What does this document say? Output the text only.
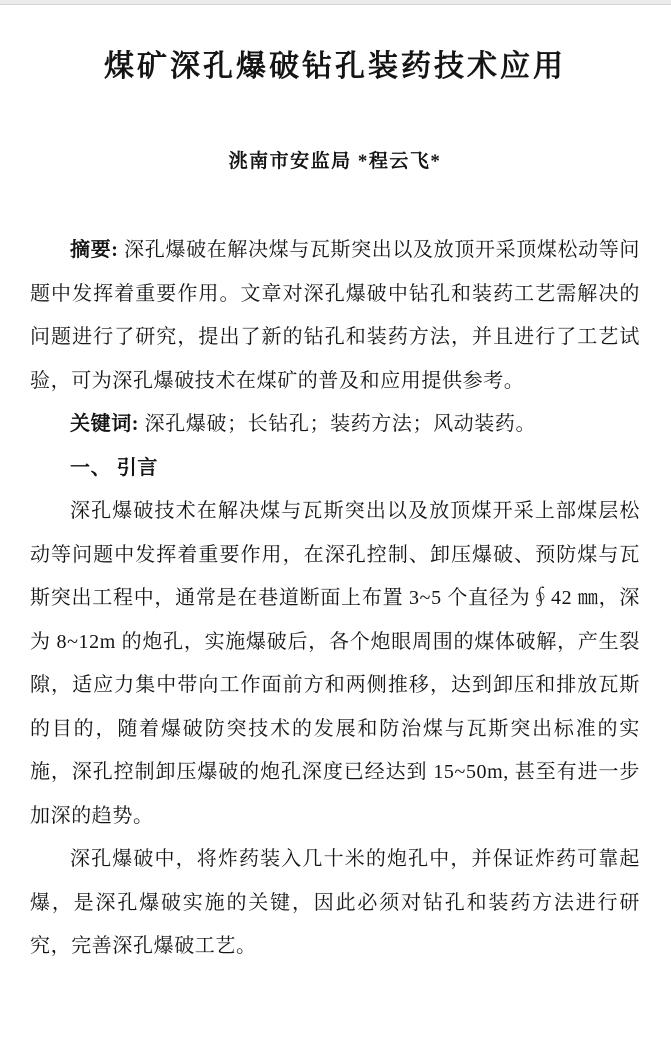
煤矿深孔爆破钻孔装药技术应用
洮南市安监局 *程云飞*

摘要: 深孔爆破在解决煤与瓦斯突出以及放顶开采顶煤松动等问题中发挥着重要作用。文章对深孔爆破中钻孔和装药工艺需解决的问题进行了研究，提出了新的钻孔和装药方法，并且进行了工艺试验，可为深孔爆破技术在煤矿的普及和应用提供参考。

关键词: 深孔爆破；长钻孔；装药方法；风动装药。

一、 引言

深孔爆破技术在解决煤与瓦斯突出以及放顶煤开采上部煤层松动等问题中发挥着重要作用，在深孔控制、卸压爆破、预防煤与瓦斯突出工程中，通常是在巷道断面上布置 3~5 个直径为∮42 ㎜，深为 8~12m 的炮孔，实施爆破后，各个炮眼周围的煤体破解，产生裂隙，适应力集中带向工作面前方和两侧推移，达到卸压和排放瓦斯的目的，随着爆破防突技术的发展和防治煤与瓦斯突出标准的实施，深孔控制卸压爆破的炮孔深度已经达到 15~50m, 甚至有进一步加深的趋势。

深孔爆破中，将炸药装入几十米的炮孔中，并保证炸药可靠起爆，是深孔爆破实施的关键，因此必须对钻孔和装药方法进行研究，完善深孔爆破工艺。
